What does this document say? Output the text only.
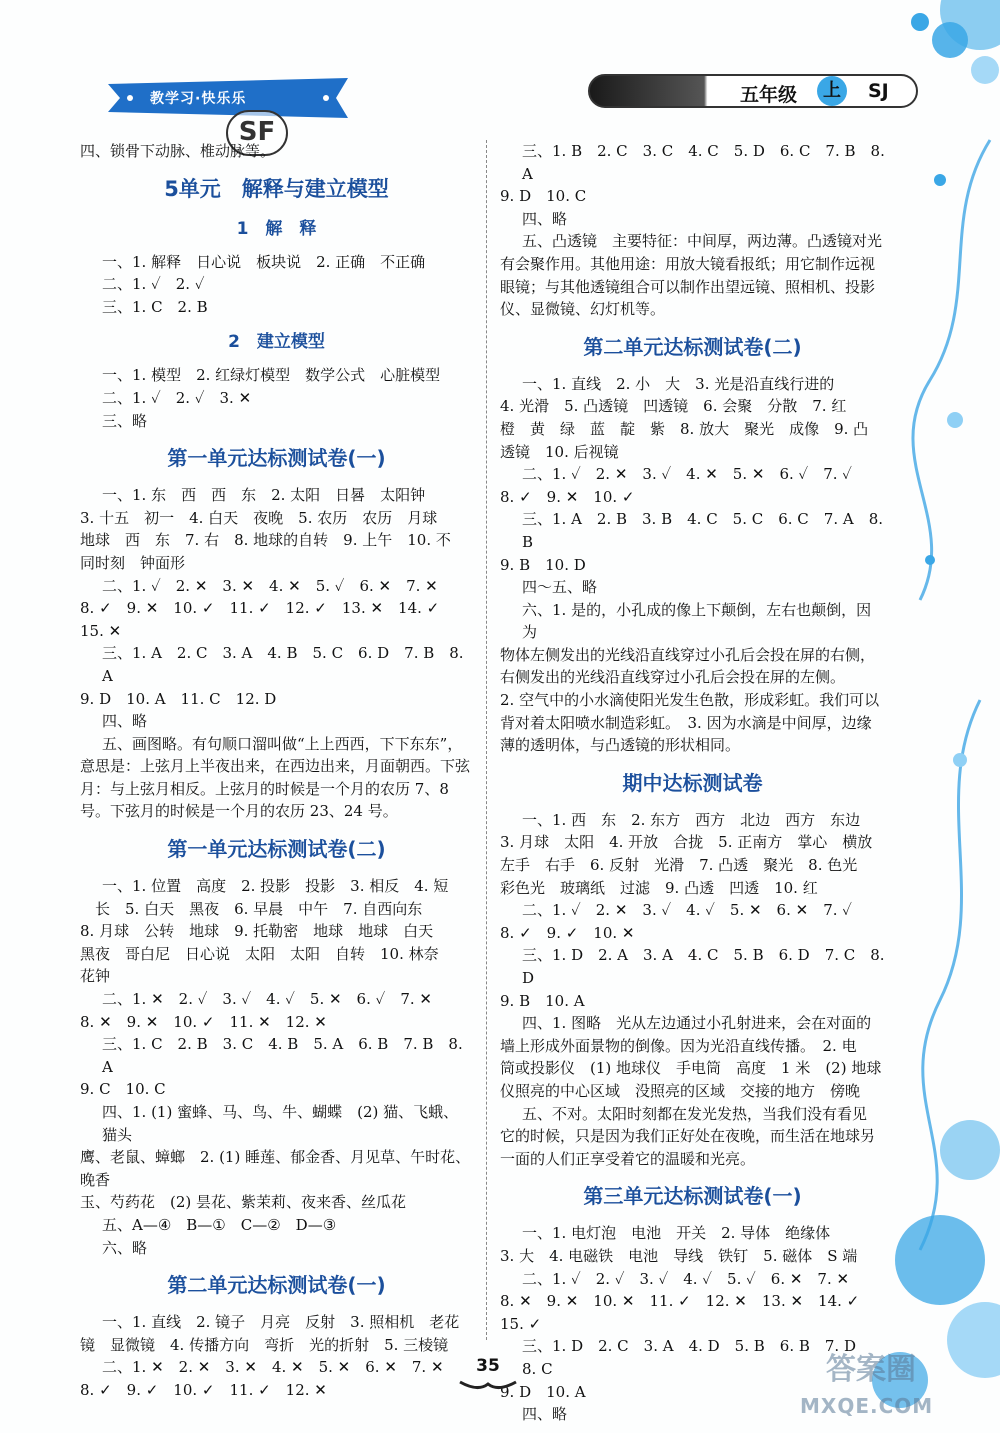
教学习·快乐乐
SF
五年级	上	SJ
四、锁骨下动脉、椎动脉等。
5单元　解释与建立模型
1　解　释
一、1. 解释　日心说　板块说　2. 正确　不正确
二、1. ✓　2. ✓
三、1. C　2. B
2　建立模型
一、1. 模型　2. 红绿灯模型　数学公式　心脏模型
二、1. ✓　2. ✓　3. ✕
三、略
第一单元达标测试卷(一)
一、1. 东　西　西　东　2. 太阳　日晷　太阳钟
3. 十五　初一　4. 白天　夜晚　5. 农历　农历　月球
地球　西　东　7. 右　8. 地球的自转　9. 上午　10. 不
同时刻　钟面形
二、1. ✓　2. ✕　3. ✕　4. ✕　5. ✓　6. ✕　7. ✕
8. ✓　9. ✕　10. ✓　11. ✓　12. ✓　13. ✕　14. ✓
15. ✕
三、1. A　2. C　3. A　4. B　5. C　6. D　7. B　8. A
9. D　10. A　11. C　12. D
四、略
五、画图略。有句顺口溜叫做“上上西西，下下东东”，
意思是：上弦月上半夜出来，在西边出来，月面朝西。下弦
月：与上弦月相反。上弦月的时候是一个月的农历 7、8
号。下弦月的时候是一个月的农历 23、24 号。
第一单元达标测试卷(二)
一、1. 位置　高度　2. 投影　投影　3. 相反　4. 短
　长　5. 白天　黑夜　6. 早晨　中午　7. 自西向东
8. 月球　公转　地球　9. 托勒密　地球　地球　白天
黑夜　哥白尼　日心说　太阳　太阳　自转　10. 林奈
花钟
二、1. ✕　2. ✓　3. ✓　4. ✓　5. ✕　6. ✓　7. ✕
8. ✕　9. ✕　10. ✓　11. ✕　12. ✕
三、1. C　2. B　3. C　4. B　5. A　6. B　7. B　8. A
9. C　10. C
四、1. (1) 蜜蜂、马、鸟、牛、蝴蝶　(2) 猫、飞蛾、猫头
鹰、老鼠、蟑螂　2. (1) 睡莲、郁金香、月见草、午时花、晚香
玉、芍药花　(2) 昙花、紫茉莉、夜来香、丝瓜花
五、A—④　B—①　C—②　D—③
六、略
第二单元达标测试卷(一)
一、1. 直线　2. 镜子　月亮　反射　3. 照相机　老花
镜　显微镜　4. 传播方向　弯折　光的折射　5. 三棱镜
二、1. ✕　2. ✕　3. ✕　4. ✕　5. ✕　6. ✕　7. ✕
8. ✓　9. ✓　10. ✓　11. ✓　12. ✕
三、1. B　2. C　3. C　4. C　5. D　6. C　7. B　8. A
9. D　10. C
四、略
五、凸透镜　主要特征：中间厚，两边薄。凸透镜对光
有会聚作用。其他用途：用放大镜看报纸；用它制作远视
眼镜；与其他透镜组合可以制作出望远镜、照相机、投影
仪、显微镜、幻灯机等。
第二单元达标测试卷(二)
一、1. 直线　2. 小　大　3. 光是沿直线行进的
4. 光滑　5. 凸透镜　凹透镜　6. 会聚　分散　7. 红
橙　黄　绿　蓝　靛　紫　8. 放大　聚光　成像　9. 凸
透镜　10. 后视镜
二、1. ✓　2. ✕　3. ✓　4. ✕　5. ✕　6. ✓　7. ✓
8. ✓　9. ✕　10. ✓
三、1. A　2. B　3. B　4. C　5. C　6. C　7. A　8. B
9. B　10. D
四～五、略
六、1. 是的，小孔成的像上下颠倒，左右也颠倒，因为
物体左侧发出的光线沿直线穿过小孔后会投在屏的右侧，
右侧发出的光线沿直线穿过小孔后会投在屏的左侧。
2. 空气中的小水滴使阳光发生色散，形成彩虹。我们可以
背对着太阳喷水制造彩虹。　3. 因为水滴是中间厚，边缘
薄的透明体，与凸透镜的形状相同。
期中达标测试卷
一、1. 西　东　2. 东方　西方　北边　西方　东边
3. 月球　太阳　4. 开放　合拢　5. 正南方　掌心　横放
左手　右手　6. 反射　光滑　7. 凸透　聚光　8. 色光
彩色光　玻璃纸　过滤　9. 凸透　凹透　10. 红
二、1. ✓　2. ✕　3. ✓　4. ✓　5. ✕　6. ✕　7. ✓
8. ✓　9. ✓　10. ✕
三、1. D　2. A　3. A　4. C　5. B　6. D　7. C　8. D
9. B　10. A
四、1. 图略　光从左边通过小孔射进来，会在对面的
墙上形成外面景物的倒像。因为光沿直线传播。　2. 电
筒或投影仪　(1) 地球仪　手电筒　高度　1 米　(2) 地球
仪照亮的中心区域　没照亮的区域　交接的地方　傍晚
五、不对。太阳时刻都在发光发热，当我们没有看见
它的时候，只是因为我们正好处在夜晚，而生活在地球另
一面的人们正享受着它的温暖和光亮。
第三单元达标测试卷(一)
一、1. 电灯泡　电池　开关　2. 导体　绝缘体
3. 大　4. 电磁铁　电池　导线　铁钉　5. 磁体　S 端
二、1. ✓　2. ✓　3. ✓　4. ✓　5. ✓　6. ✕　7. ✕
8. ✕　9. ✕　10. ✕　11. ✓　12. ✕　13. ✕　14. ✓
15. ✓
三、1. D　2. C　3. A　4. D　5. B　6. B　7. D　8. C
9. D　10. A
四、略
35	答案圈
MXQE.COM
